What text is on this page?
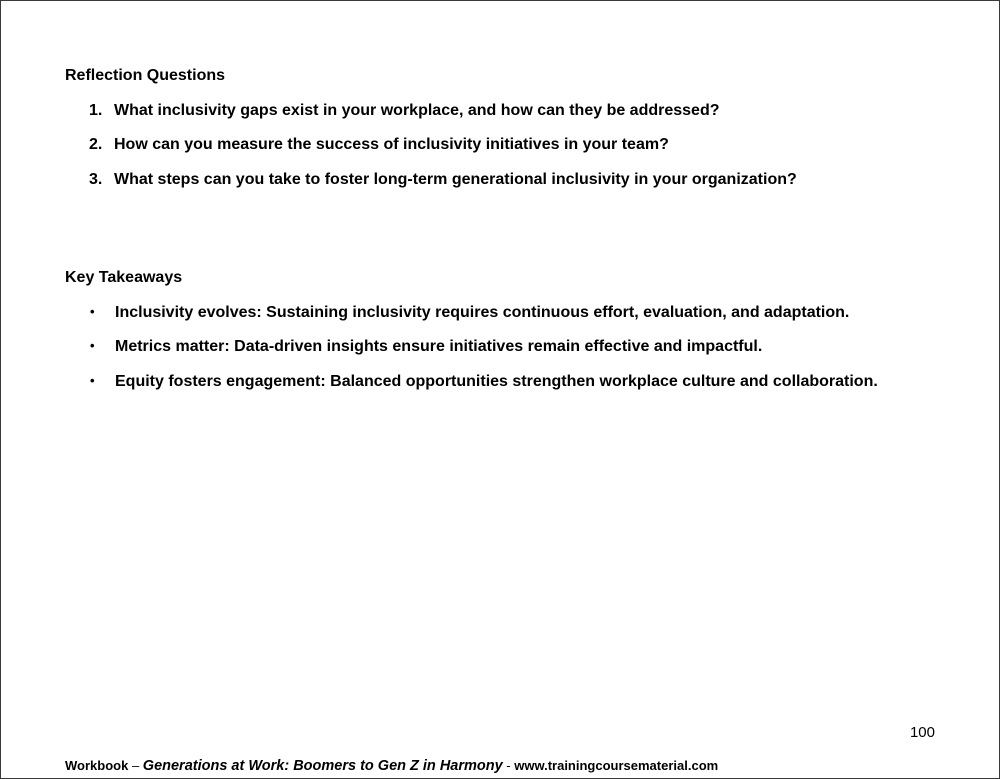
Reflection Questions
1. What inclusivity gaps exist in your workplace, and how can they be addressed?
2. How can you measure the success of inclusivity initiatives in your team?
3. What steps can you take to foster long-term generational inclusivity in your organization?
Key Takeaways
• Inclusivity evolves: Sustaining inclusivity requires continuous effort, evaluation, and adaptation.
• Metrics matter: Data-driven insights ensure initiatives remain effective and impactful.
• Equity fosters engagement: Balanced opportunities strengthen workplace culture and collaboration.
100
Workbook – Generations at Work: Boomers to Gen Z in Harmony - www.trainingcoursematerial.com
